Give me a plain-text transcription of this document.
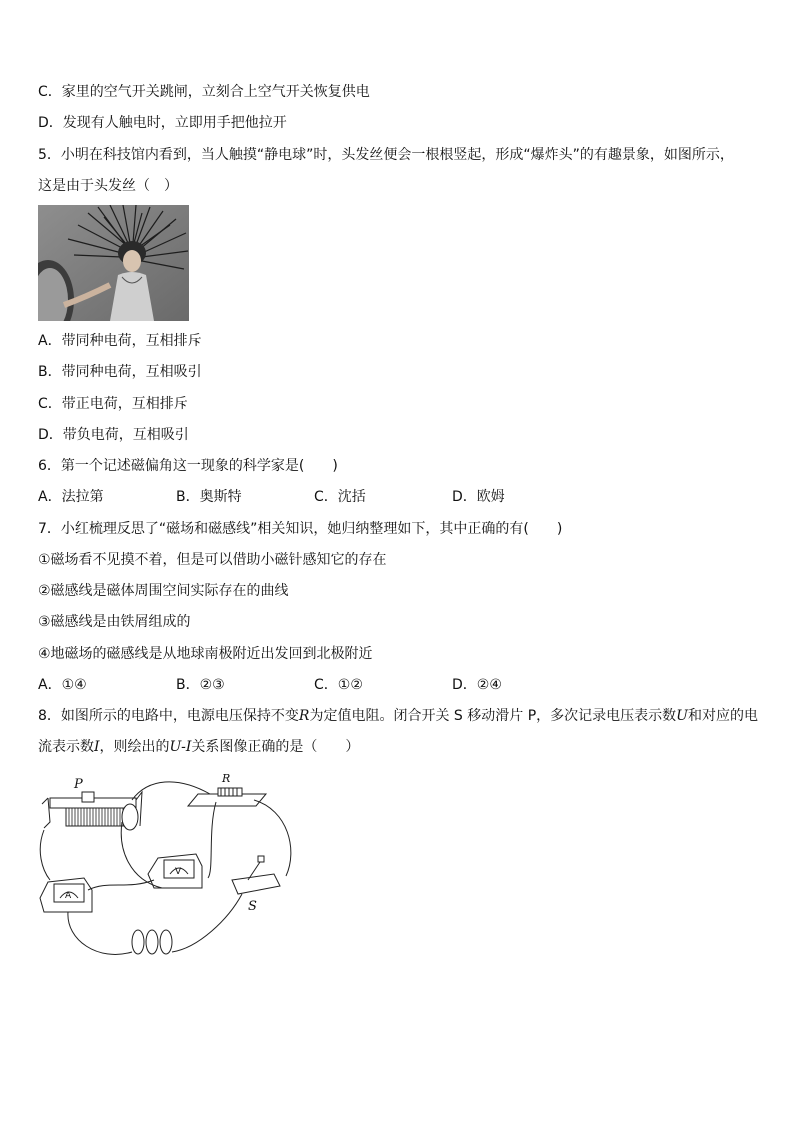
C．家里的空气开关跳闸，立刻合上空气开关恢复供电
D．发现有人触电时，立即用手把他拉开
5．小明在科技馆内看到，当人触摸“静电球”时，头发丝便会一根根竖起，形成“爆炸头”的有趣景象，如图所示，
这是由于头发丝（　）
A．带同种电荷，互相排斥
B．带同种电荷，互相吸引
C．带正电荷，互相排斥
D．带负电荷，互相吸引
6．第一个记述磁偏角这一现象的科学家是(　　)
A．法拉第	B．奥斯特	C．沈括	D．欧姆
7．小红梳理反思了“磁场和磁感线”相关知识，她归纳整理如下，其中正确的有(　　)
①磁场看不见摸不着，但是可以借助小磁针感知它的存在
②磁感线是磁体周围空间实际存在的曲线
③磁感线是由铁屑组成的
④地磁场的磁感线是从地球南极附近出发回到北极附近
A．①④	B．②③	C．①②	D．②④
8．如图所示的电路中，电源电压保持不变R为定值电阻。闭合开关 S 移动滑片 P，多次记录电压表示数U和对应的电
流表示数I，则绘出的U-I关系图像正确的是（　　）
P	R
S
V
A
